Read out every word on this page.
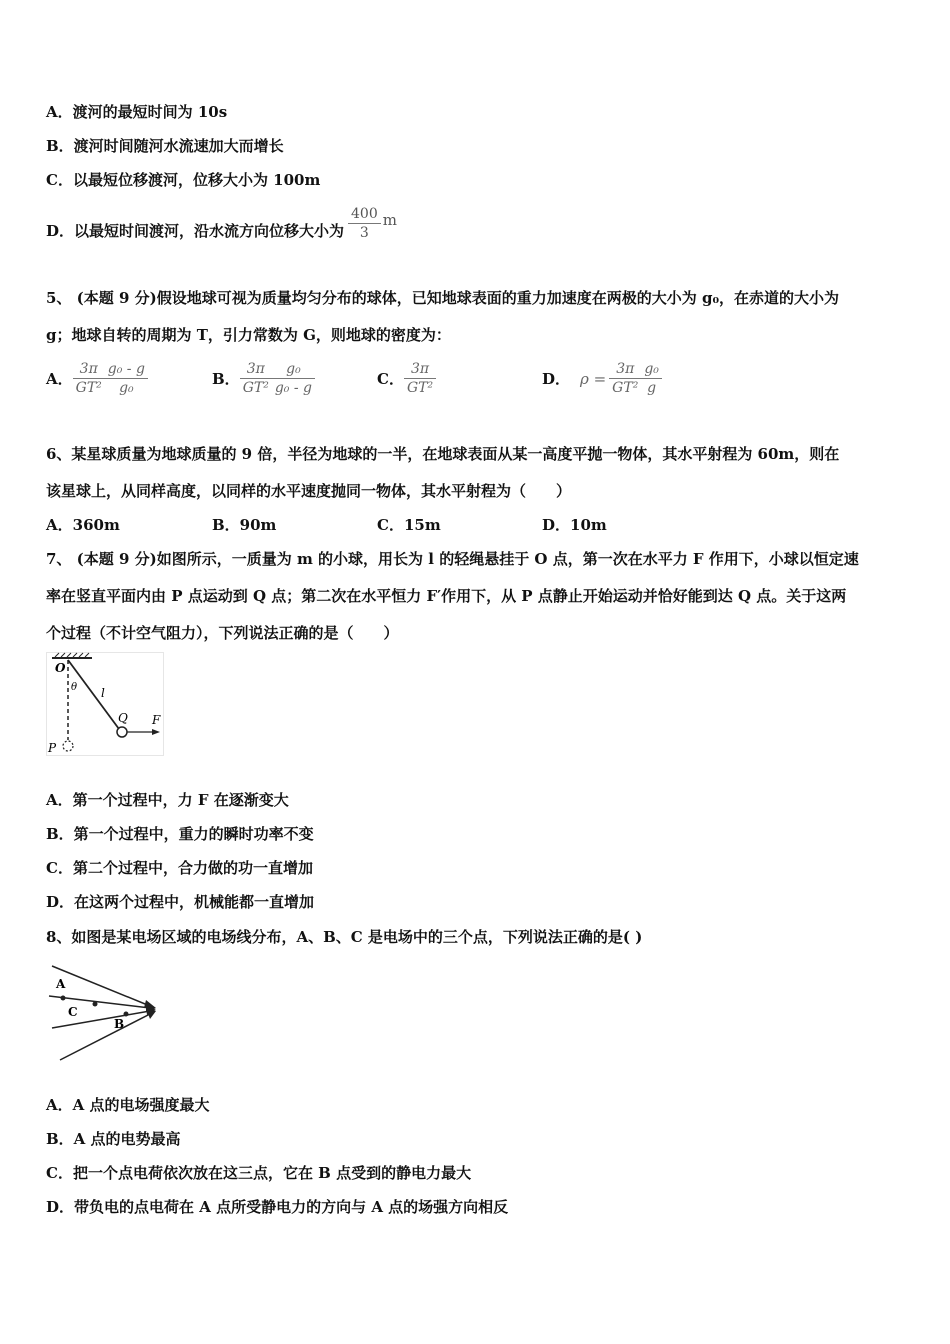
A．渡河的最短时间为 10s
B．渡河时间随河水流速加大而增长
C．以最短位移渡河，位移大小为 100m
D．以最短时间渡河，沿水流方向位移大小为 $\frac{400}{3}$ m
5、 (本题 9 分)假设地球可视为质量均匀分布的球体，已知地球表面的重力加速度在两极的大小为 g₀，在赤道的大小为
g；地球自转的周期为 T，引力常数为 G，则地球的密度为：
A． $\frac{3\pi}{\text{GT²}} \frac{\text{g₀ - g}}{\text{g₀}}$	B． $\frac{3\pi}{\text{GT²}} \frac{\text{g₀}}{\text{g₀ - g}}$	C． $\frac{3\pi}{\text{GT²}}$	D． $\rho = \frac{3\pi}{\text{GT²}} \frac{\text{g₀}}{g}$
6、某星球质量为地球质量的 9 倍，半径为地球的一半，在地球表面从某一高度平抛一物体，其水平射程为 60m，则在
该星球上，从同样高度，以同样的水平速度抛同一物体，其水平射程为（　　）
A．360m	B．90m	C．15m	D．10m
7、 (本题 9 分)如图所示，一质量为 m 的小球，用长为 l 的轻绳悬挂于 O 点，第一次在水平力 F 作用下，小球以恒定速
率在竖直平面内由 P 点运动到 Q 点；第二次在水平恒力 F′作用下，从 P 点静止开始运动并恰好能到达 Q 点。关于这两
个过程（不计空气阻力），下列说法正确的是（　　）
O
θ l
Q F
P
A．第一个过程中，力 F 在逐渐变大
B．第一个过程中，重力的瞬时功率不变
C．第二个过程中，合力做的功一直增加
D．在这两个过程中，机械能都一直增加
8、如图是某电场区域的电场线分布，A、B、C 是电场中的三个点，下列说法正确的是( )
A
C
B
A．A 点的电场强度最大
B．A 点的电势最高
C．把一个点电荷依次放在这三点，它在 B 点受到的静电力最大
D．带负电的点电荷在 A 点所受静电力的方向与 A 点的场强方向相反
